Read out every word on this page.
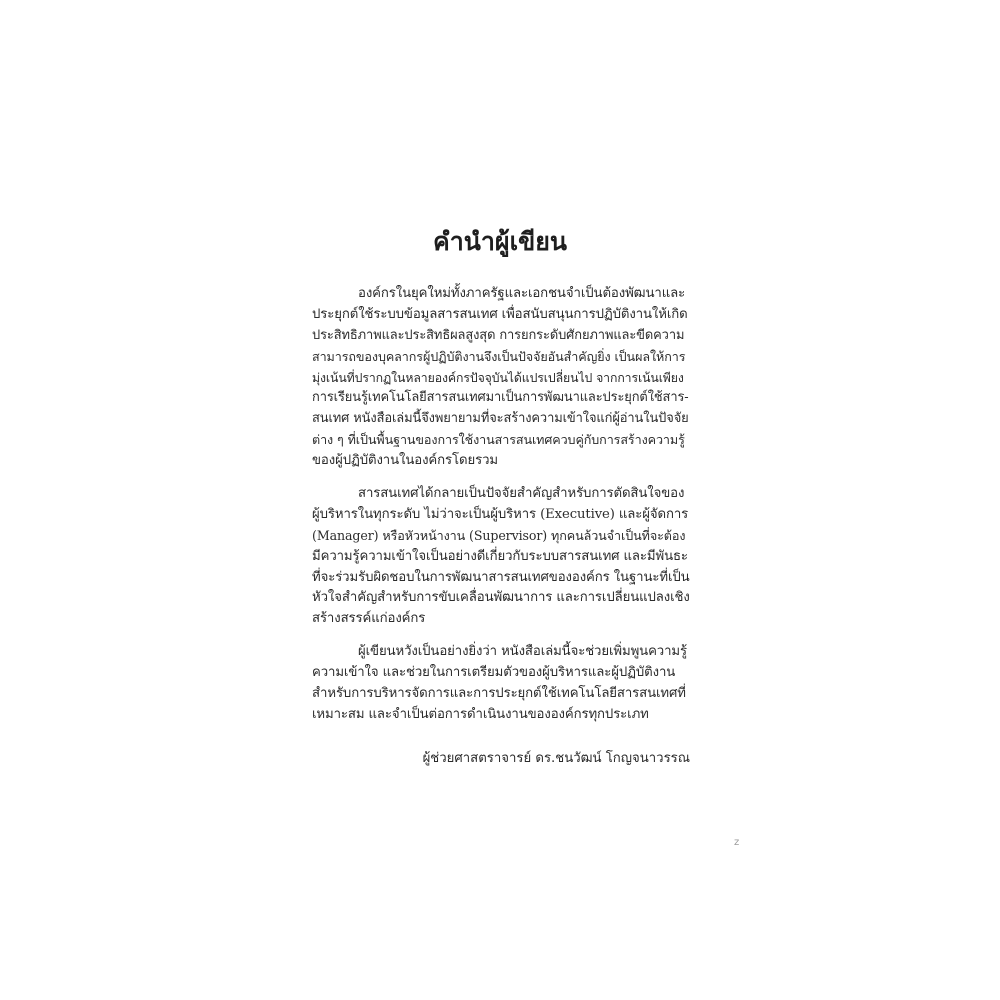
คำนำผู้เขียน
องค์กรในยุคใหม่ทั้งภาครัฐและเอกชนจำเป็นต้องพัฒนาและ
ประยุกต์ใช้ระบบข้อมูลสารสนเทศ เพื่อสนับสนุนการปฏิบัติงานให้เกิด
ประสิทธิภาพและประสิทธิผลสูงสุด การยกระดับศักยภาพและขีดความ
สามารถของบุคลากรผู้ปฏิบัติงานจึงเป็นปัจจัยอันสำคัญยิ่ง เป็นผลให้การ
มุ่งเน้นที่ปรากฏในหลายองค์กรปัจจุบันได้แปรเปลี่ยนไป จากการเน้นเพียง
การเรียนรู้เทคโนโลยีสารสนเทศมาเป็นการพัฒนาและประยุกต์ใช้สาร-
สนเทศ หนังสือเล่มนี้จึงพยายามที่จะสร้างความเข้าใจแก่ผู้อ่านในปัจจัย
ต่าง ๆ ที่เป็นพื้นฐานของการใช้งานสารสนเทศควบคู่กับการสร้างความรู้
ของผู้ปฏิบัติงานในองค์กรโดยรวม
สารสนเทศได้กลายเป็นปัจจัยสำคัญสำหรับการตัดสินใจของ
ผู้บริหารในทุกระดับ ไม่ว่าจะเป็นผู้บริหาร (Executive) และผู้จัดการ
(Manager) หรือหัวหน้างาน (Supervisor) ทุกคนล้วนจำเป็นที่จะต้อง
มีความรู้ความเข้าใจเป็นอย่างดีเกี่ยวกับระบบสารสนเทศ และมีพันธะ
ที่จะร่วมรับผิดชอบในการพัฒนาสารสนเทศขององค์กร ในฐานะที่เป็น
หัวใจสำคัญสำหรับการขับเคลื่อนพัฒนาการ และการเปลี่ยนแปลงเชิง
สร้างสรรค์แก่องค์กร
ผู้เขียนหวังเป็นอย่างยิ่งว่า หนังสือเล่มนี้จะช่วยเพิ่มพูนความรู้
ความเข้าใจ และช่วยในการเตรียมตัวของผู้บริหารและผู้ปฏิบัติงาน
สำหรับการบริหารจัดการและการประยุกต์ใช้เทคโนโลยีสารสนเทศที่
เหมาะสม และจำเป็นต่อการดำเนินงานขององค์กรทุกประเภท
ผู้ช่วยศาสตราจารย์ ดร.ชนวัฒน์ โกญจนาวรรณ
z
